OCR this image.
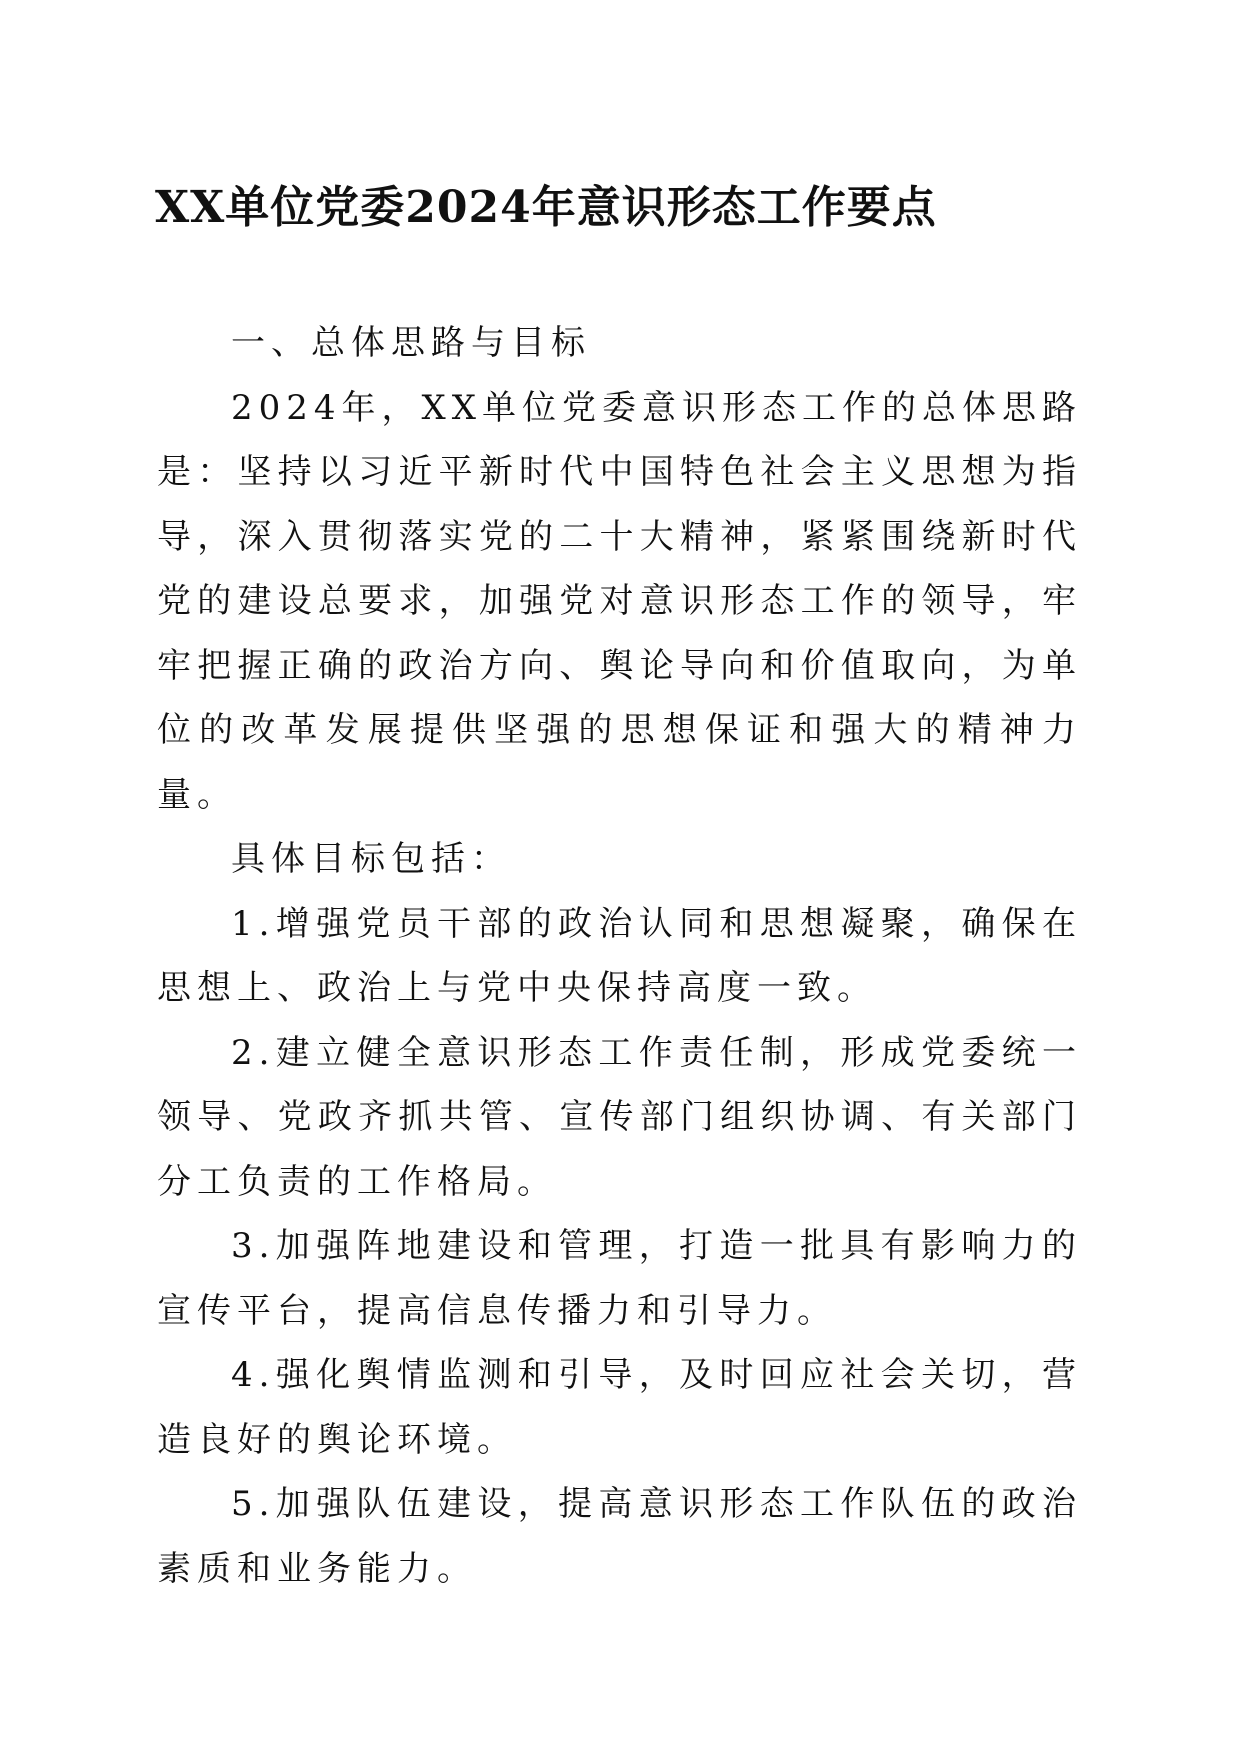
XX单位党委2024年意识形态工作要点

一、总体思路与目标

2024年，XX单位党委意识形态工作的总体思路是：坚持以习近平新时代中国特色社会主义思想为指导，深入贯彻落实党的二十大精神，紧紧围绕新时代党的建设总要求，加强党对意识形态工作的领导，牢牢把握正确的政治方向、舆论导向和价值取向，为单位的改革发展提供坚强的思想保证和强大的精神力量。

具体目标包括：

1.增强党员干部的政治认同和思想凝聚，确保在思想上、政治上与党中央保持高度一致。

2.建立健全意识形态工作责任制，形成党委统一领导、党政齐抓共管、宣传部门组织协调、有关部门分工负责的工作格局。

3.加强阵地建设和管理，打造一批具有影响力的宣传平台，提高信息传播力和引导力。

4.强化舆情监测和引导，及时回应社会关切，营造良好的舆论环境。

5.加强队伍建设，提高意识形态工作队伍的政治素质和业务能力。
